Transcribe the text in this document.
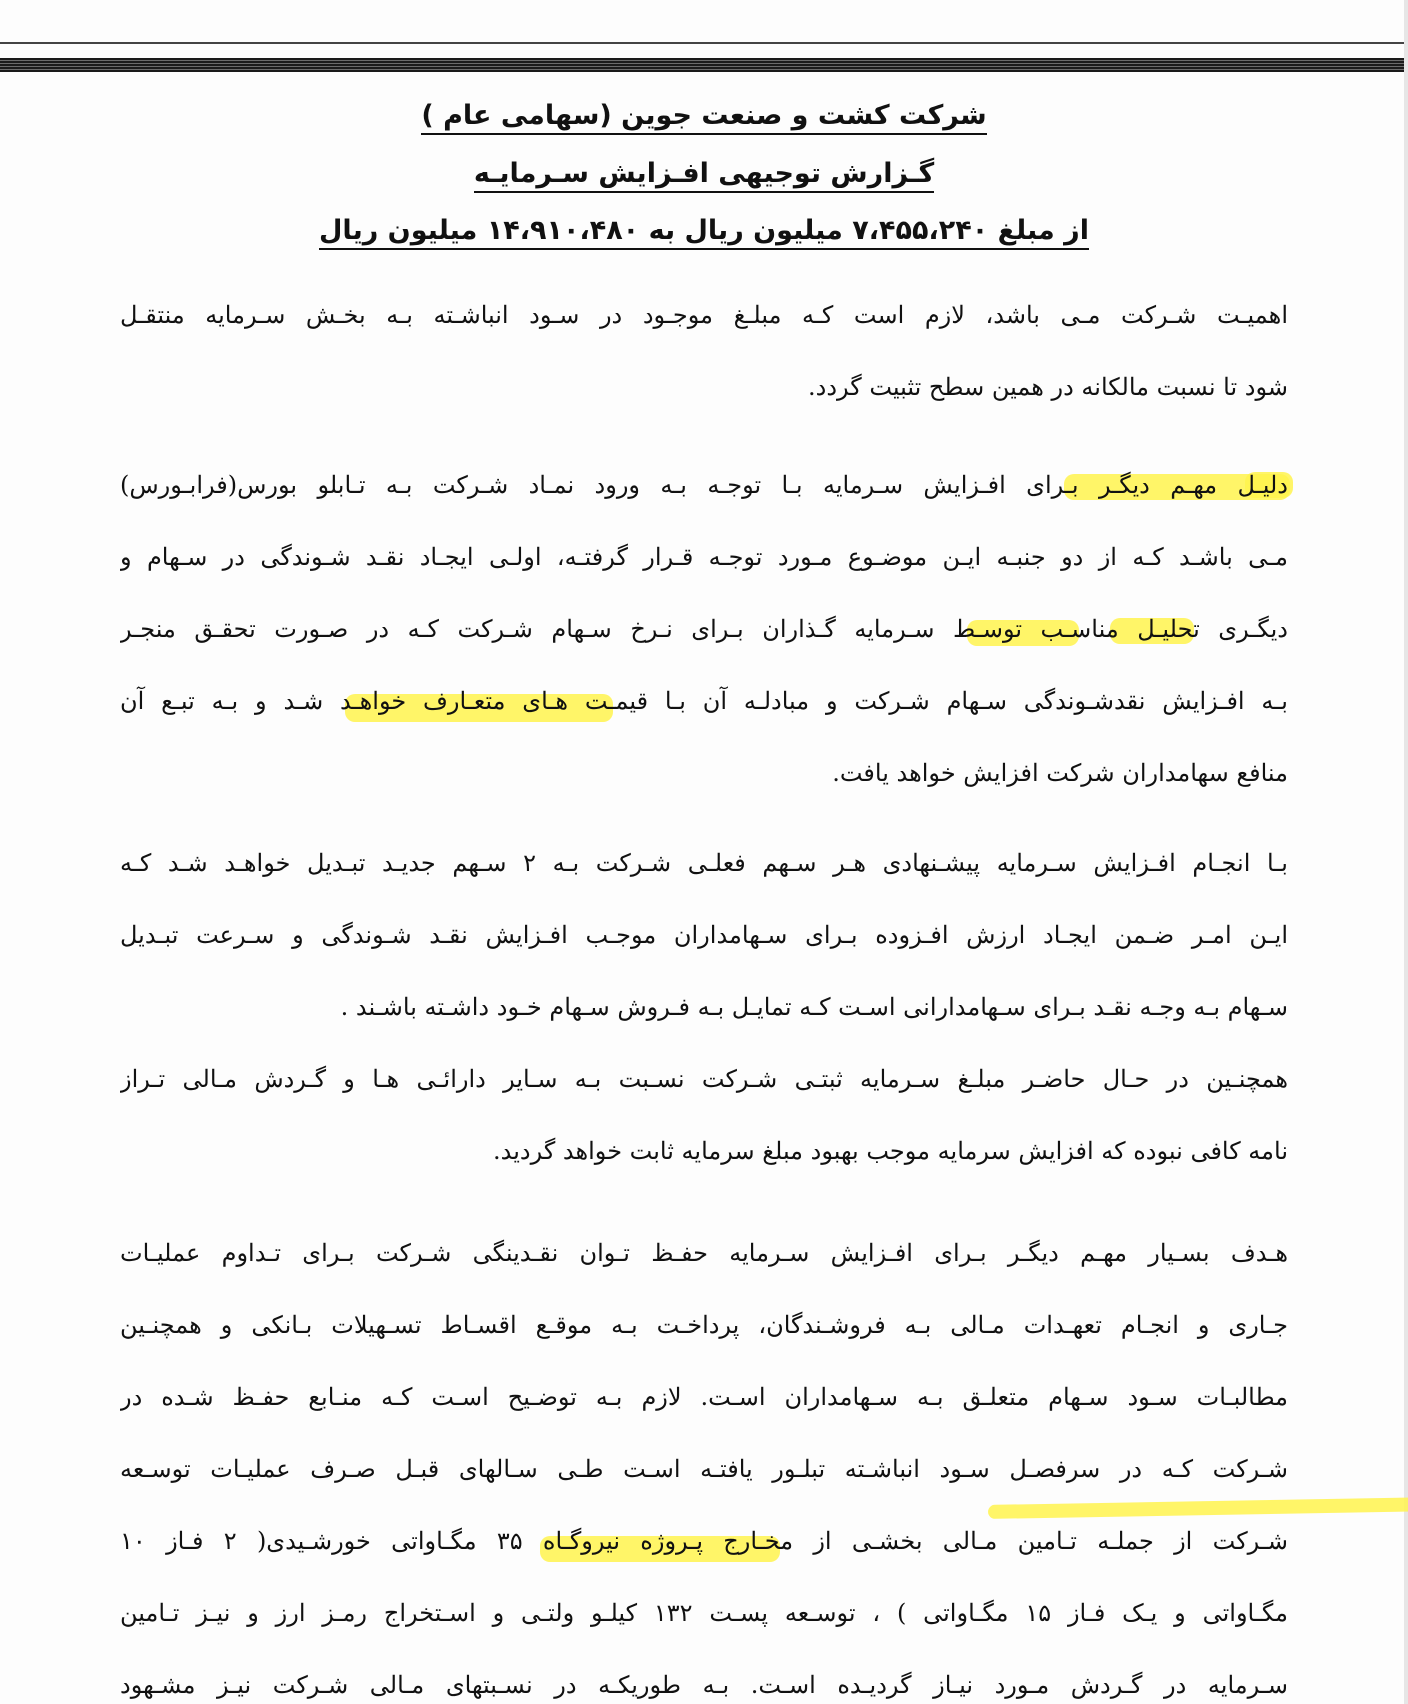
شرکت کشت و صنعت جوین (سهامی عام )
گـزارش توجیهی افـزایش سـرمایـه
از مبلغ ۷،۴۵۵،۲۴۰ میلیون ریال به ۱۴،۹۱۰،۴۸۰ میلیون ریال
اهمیـت شـرکت مـی باشد، لازم است کـه مبلـغ موجـود در سـود انباشـته بـه بخـش سـرمایه منتقـل
شود تا نسبت مالکانه در همین سطح تثبیت گردد.
دلیـل مهـم دیگـر بـرای افـزایش سـرمایه بـا توجـه بـه ورود نمـاد شـرکت بـه تـابلو بورس(فرابـورس)
مـی باشـد کـه از دو جنبـه ایـن موضـوع مـورد توجـه قـرار گرفتـه، اولـی ایجـاد نقـد شـوندگی در سـهام و
دیگـری تحلیـل مناسـب توسـط سـرمایه گـذاران بـرای نـرخ سـهام شـرکت کـه در صـورت تحقـق منجـر
بـه افـزایش نقدشـوندگی سـهام شـرکت و مبادلـه آن بـا قیمـت هـای متعـارف خواهـد شـد و بـه تبـع آن
منافع سهامداران شرکت افزایش خواهد یافت.
بـا انجـام افـزایش سـرمایه پیشـنهادی هـر سـهم فعلـی شـرکت بـه ۲ سـهم جدیـد تبـدیل خواهـد شـد کـه
ایـن امـر ضـمن ایجـاد ارزش افـزوده بـرای سـهامداران موجـب افـزایش نقـد شـوندگی و سـرعت تبـدیل
سـهام بـه وجـه نقـد بـرای سـهامدارانی اسـت کـه تمایـل بـه فـروش سـهام خـود داشـته باشـند .
همچنـین در حـال حاضـر مبلـغ سـرمایه ثبتـی شـرکت نسـبت بـه سـایر دارائـی هـا و گـردش مـالی تـراز
نامه کافی نبوده که افزایش سرمایه موجب بهبود مبلغ سرمایه ثابت خواهد گردید.
هـدف بسـیار مهـم دیگـر بـرای افـزایش سـرمایه حفـظ تـوان نقـدینگی شـرکت بـرای تـداوم عملیـات
جـاری و انجـام تعهـدات مـالی بـه فروشـندگان، پرداخـت بـه موقـع اقسـاط تسـهیلات بـانکی و همچنـین
مطالبـات سـود سـهام متعلـق بـه سـهامداران اسـت. لازم بـه توضـیح اسـت کـه منـابع حفـظ شـده در
شـرکت کـه در سرفصـل سـود انباشـته تبلـور یافتـه اسـت طـی سـالهای قبـل صـرف عملیـات توسـعه
شـرکت از جملـه تـامین مـالی بخشـی از مخـارج پـروژه نیروگـاه ۳۵ مگـاواتی خورشـیدی( ۲ فـاز ۱۰
مگـاواتی و یـک فـاز ۱۵ مگـاواتی ) ، توسـعه پسـت ۱۳۲ کیلـو ولتـی و اسـتخراج رمـز ارز و نیـز تـامین
سـرمایه در گـردش مـورد نیـاز گردیـده اسـت. بـه طوریکـه در نسـبتهای مـالی شـرکت نیـز مشـهود
